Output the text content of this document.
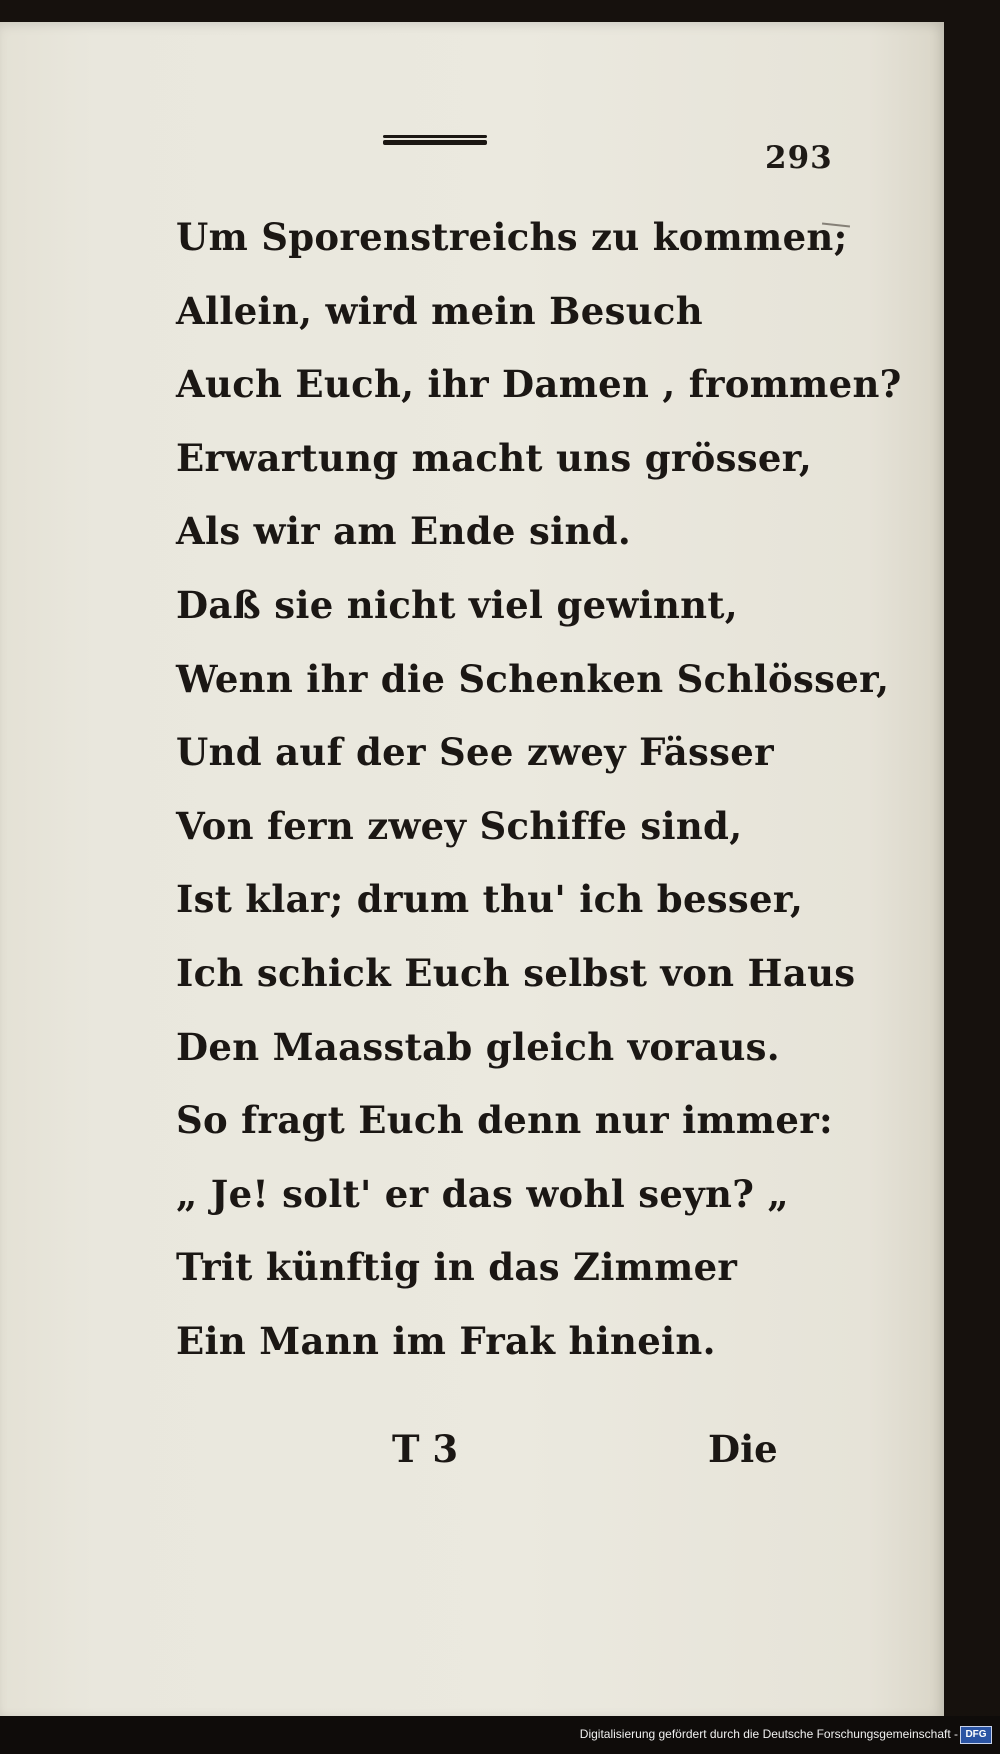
293
Um Sporenstreichs zu kommen;
Allein, wird mein Besuch
Auch Euch, ihr Damen , frommen?
Erwartung macht uns grösser,
Als wir am Ende sind.
Daß sie nicht viel gewinnt,
Wenn ihr die Schenken Schlösser,
Und auf der See zwey Fässer
Von fern zwey Schiffe sind,
Ist klar; drum thu' ich besser,
Ich schick Euch selbst von Haus
Den Maasstab gleich voraus.
So fragt Euch denn nur immer:
„ Je! solt' er das wohl seyn? „
Trit künftig in das Zimmer
Ein Mann im Frak hinein.
T 3	Die
Digitalisierung gefördert durch die Deutsche Forschungsgemeinschaft - DFG
